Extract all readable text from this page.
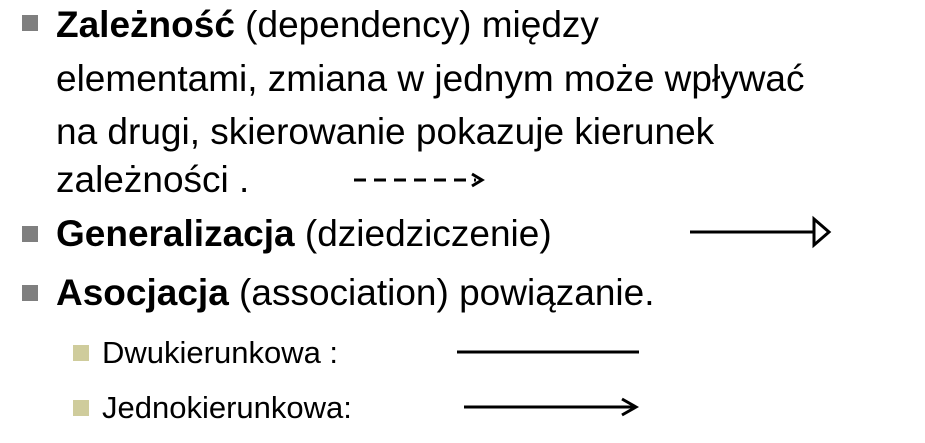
Zależność (dependency) między
elementami, zmiana w jednym może wpływać
na drugi, skierowanie pokazuje kierunek
zależności .
Generalizacja (dziedziczenie)
Asocjacja (association) powiązanie.
Dwukierunkowa :
Jednokierunkowa:
